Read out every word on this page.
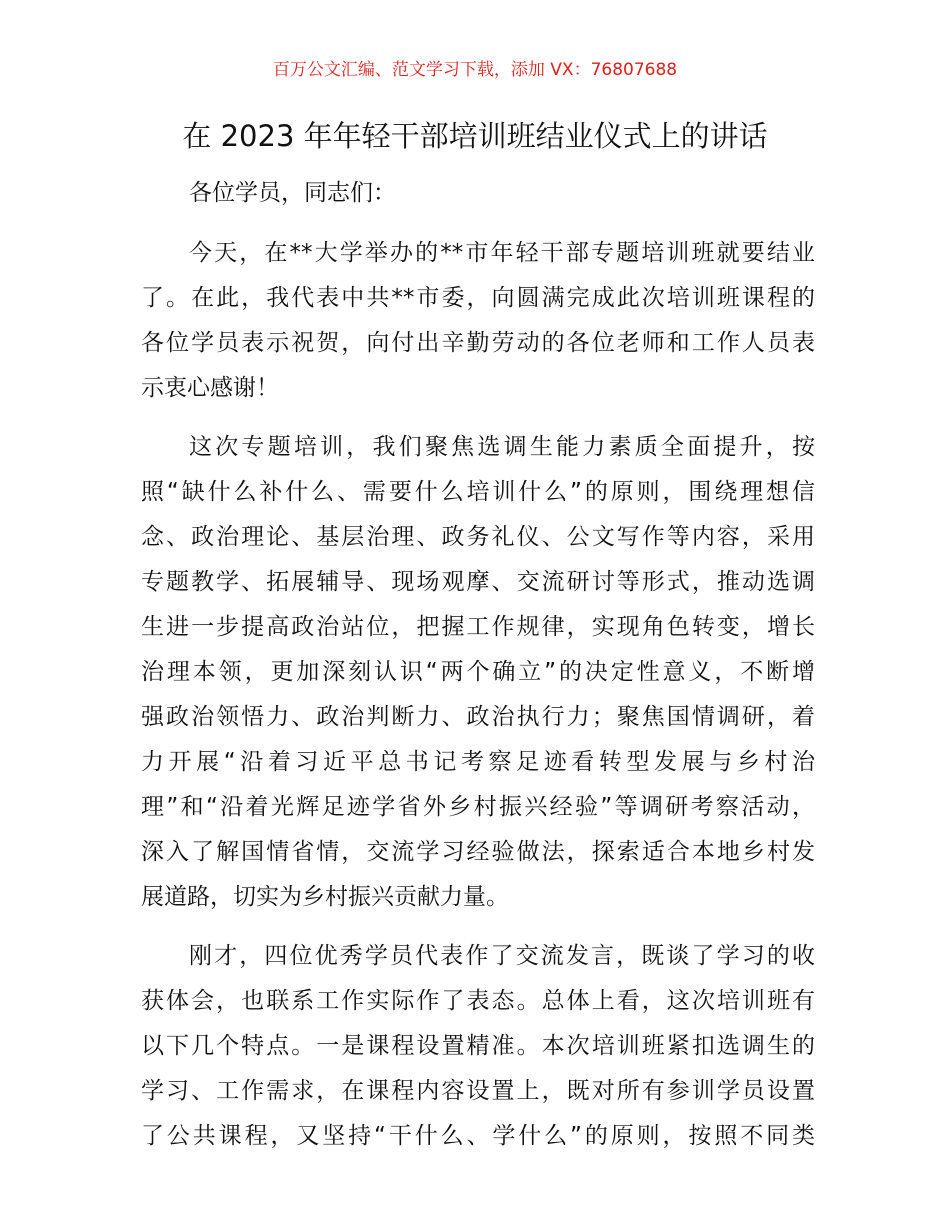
百万公文汇编、范文学习下载，添加 VX：76807688
在 2023 年年轻干部培训班结业仪式上的讲话

各位学员，同志们：

今天，在**大学举办的**市年轻干部专题培训班就要结业
了。在此，我代表中共**市委，向圆满完成此次培训班课程的
各位学员表示祝贺，向付出辛勤劳动的各位老师和工作人员表
示衷心感谢！
这次专题培训，我们聚焦选调生能力素质全面提升，按
照“缺什么补什么、需要什么培训什么”的原则，围绕理想信
念、政治理论、基层治理、政务礼仪、公文写作等内容，采用
专题教学、拓展辅导、现场观摩、交流研讨等形式，推动选调
生进一步提高政治站位，把握工作规律，实现角色转变，增长
治理本领，更加深刻认识“两个确立”的决定性意义，不断增
强政治领悟力、政治判断力、政治执行力；聚焦国情调研，着
力开展“沿着习近平总书记考察足迹看转型发展与乡村治
理”和“沿着光辉足迹学省外乡村振兴经验”等调研考察活动，
深入了解国情省情，交流学习经验做法，探索适合本地乡村发
展道路，切实为乡村振兴贡献力量。
刚才，四位优秀学员代表作了交流发言，既谈了学习的收
获体会，也联系工作实际作了表态。总体上看，这次培训班有
以下几个特点。一是课程设置精准。本次培训班紧扣选调生的
学习、工作需求，在课程内容设置上，既对所有参训学员设置
了公共课程，又坚持“干什么、学什么”的原则，按照不同类
